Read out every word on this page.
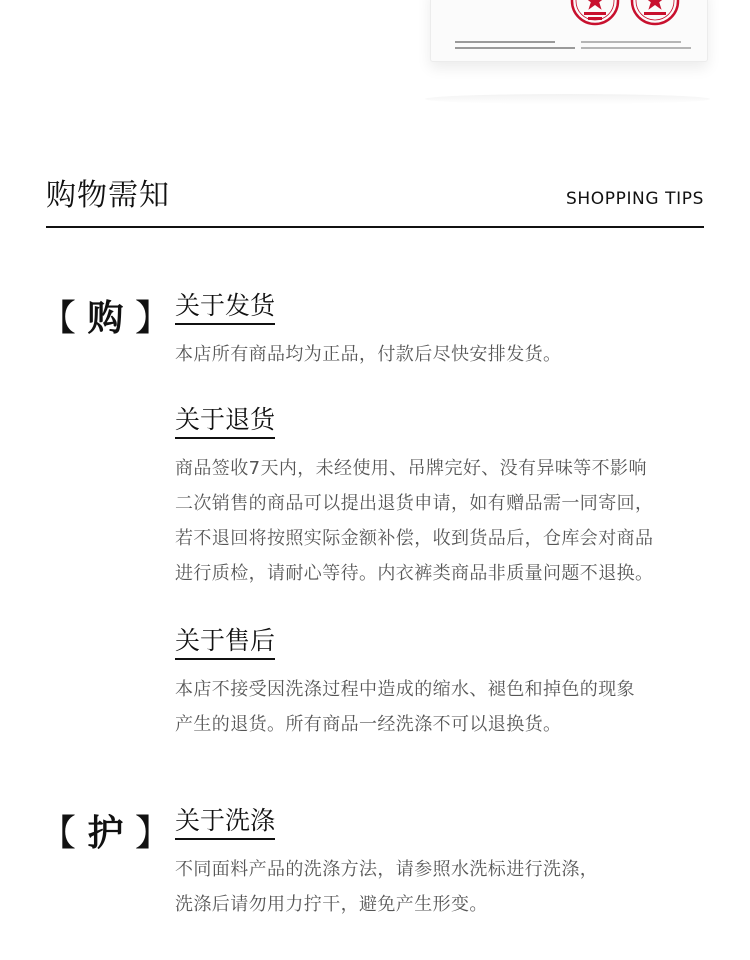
购物需知	SHOPPING TIPS
【 购 】 关于发货

本店所有商品均为正品，付款后尽快安排发货。

关于退货

商品签收7天内，未经使用、吊牌完好、没有异味等不影响

二次销售的商品可以提出退货申请，如有赠品需一同寄回，

若不退回将按照实际金额补偿，收到货品后，仓库会对商品

进行质检，请耐心等待。内衣裤类商品非质量问题不退换。

关于售后

本店不接受因洗涤过程中造成的缩水、褪色和掉色的现象

产生的退货。所有商品一经洗涤不可以退换货。

【 护 】 关于洗涤

不同面料产品的洗涤方法，请参照水洗标进行洗涤，

洗涤后请勿用力拧干，避免产生形变。
